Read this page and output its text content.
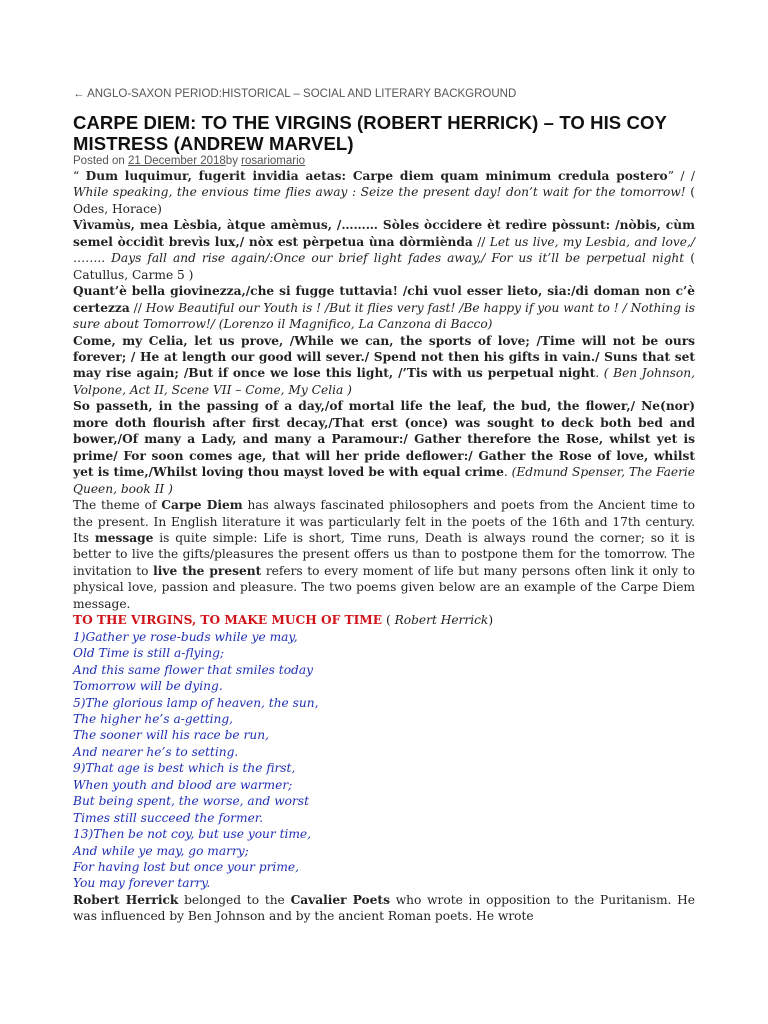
← ANGLO-SAXON PERIOD:HISTORICAL – SOCIAL AND LITERARY BACKGROUND
CARPE DIEM: TO THE VIRGINS (ROBERT HERRICK) – TO HIS COY MISTRESS (ANDREW MARVEL)
Posted on 21 December 2018by rosariomario

“ Dum luquimur, fugerit invidia aetas: Carpe diem quam minimum credula postero” / / While speaking, the envious time flies away : Seize the present day! don’t wait for the tomorrow! ( Odes, Horace)

Vìvamùs, mea Lèsbia, àtque amèmus, /……… Sòles òccidere èt redìre pòssunt: /nòbis, cùm semel òccidìt brevìs lux,/ nòx est pèrpetua ùna dòrmiènda // Let us live, my Lesbia, and love,/ …….. Days fall and rise again/:Once our brief light fades away,/ For us it’ll be perpetual night ( Catullus, Carme 5 )

Quant’è bella giovinezza,/che si fugge tuttavia! /chi vuol esser lieto, sia:/di doman non c’è certezza // How Beautiful our Youth is ! /But it flies very fast! /Be happy if you want to ! / Nothing is sure about Tomorrow!/ (Lorenzo il Magnifico, La Canzona di Bacco)

Come, my Celia, let us prove, /While we can, the sports of love; /Time will not be ours forever; / He at length our good will sever./ Spend not then his gifts in vain./ Suns that set may rise again; /But if once we lose this light, /’Tis with us perpetual night. ( Ben Johnson, Volpone, Act II, Scene VII – Come, My Celia )

So passeth, in the passing of a day,/of mortal life the leaf, the bud, the flower,/ Ne(nor) more doth flourish after first decay,/That erst (once) was sought to deck both bed and bower,/Of many a Lady, and many a Paramour:/ Gather therefore the Rose, whilst yet is prime/ For soon comes age, that will her pride deflower:/ Gather the Rose of love, whilst yet is time,/Whilst loving thou mayst loved be with equal crime. (Edmund Spenser, The Faerie Queen, book II )

The theme of Carpe Diem has always fascinated philosophers and poets from the Ancient time to the present. In English literature it was particularly felt in the poets of the 16th and 17th century. Its message is quite simple: Life is short, Time runs, Death is always round the corner; so it is better to live the gifts/pleasures the present offers us than to postpone them for the tomorrow. The invitation to live the present refers to every moment of life but many persons often link it only to physical love, passion and pleasure. The two poems given below are an example of the Carpe Diem message.

TO THE VIRGINS, TO MAKE MUCH OF TIME ( Robert Herrick)

1)Gather ye rose-buds while ye may,
Old Time is still a-flying;
And this same flower that smiles today
Tomorrow will be dying.
5)The glorious lamp of heaven, the sun,
The higher he’s a-getting,
The sooner will his race be run,
And nearer he’s to setting.
9)That age is best which is the first,
When youth and blood are warmer;
But being spent, the worse, and worst
Times still succeed the former.
13)Then be not coy, but use your time,
And while ye may, go marry;
For having lost but once your prime,
You may forever tarry.

Robert Herrick belonged to the Cavalier Poets who wrote in opposition to the Puritanism. He was influenced by Ben Johnson and by the ancient Roman poets. He wrote
